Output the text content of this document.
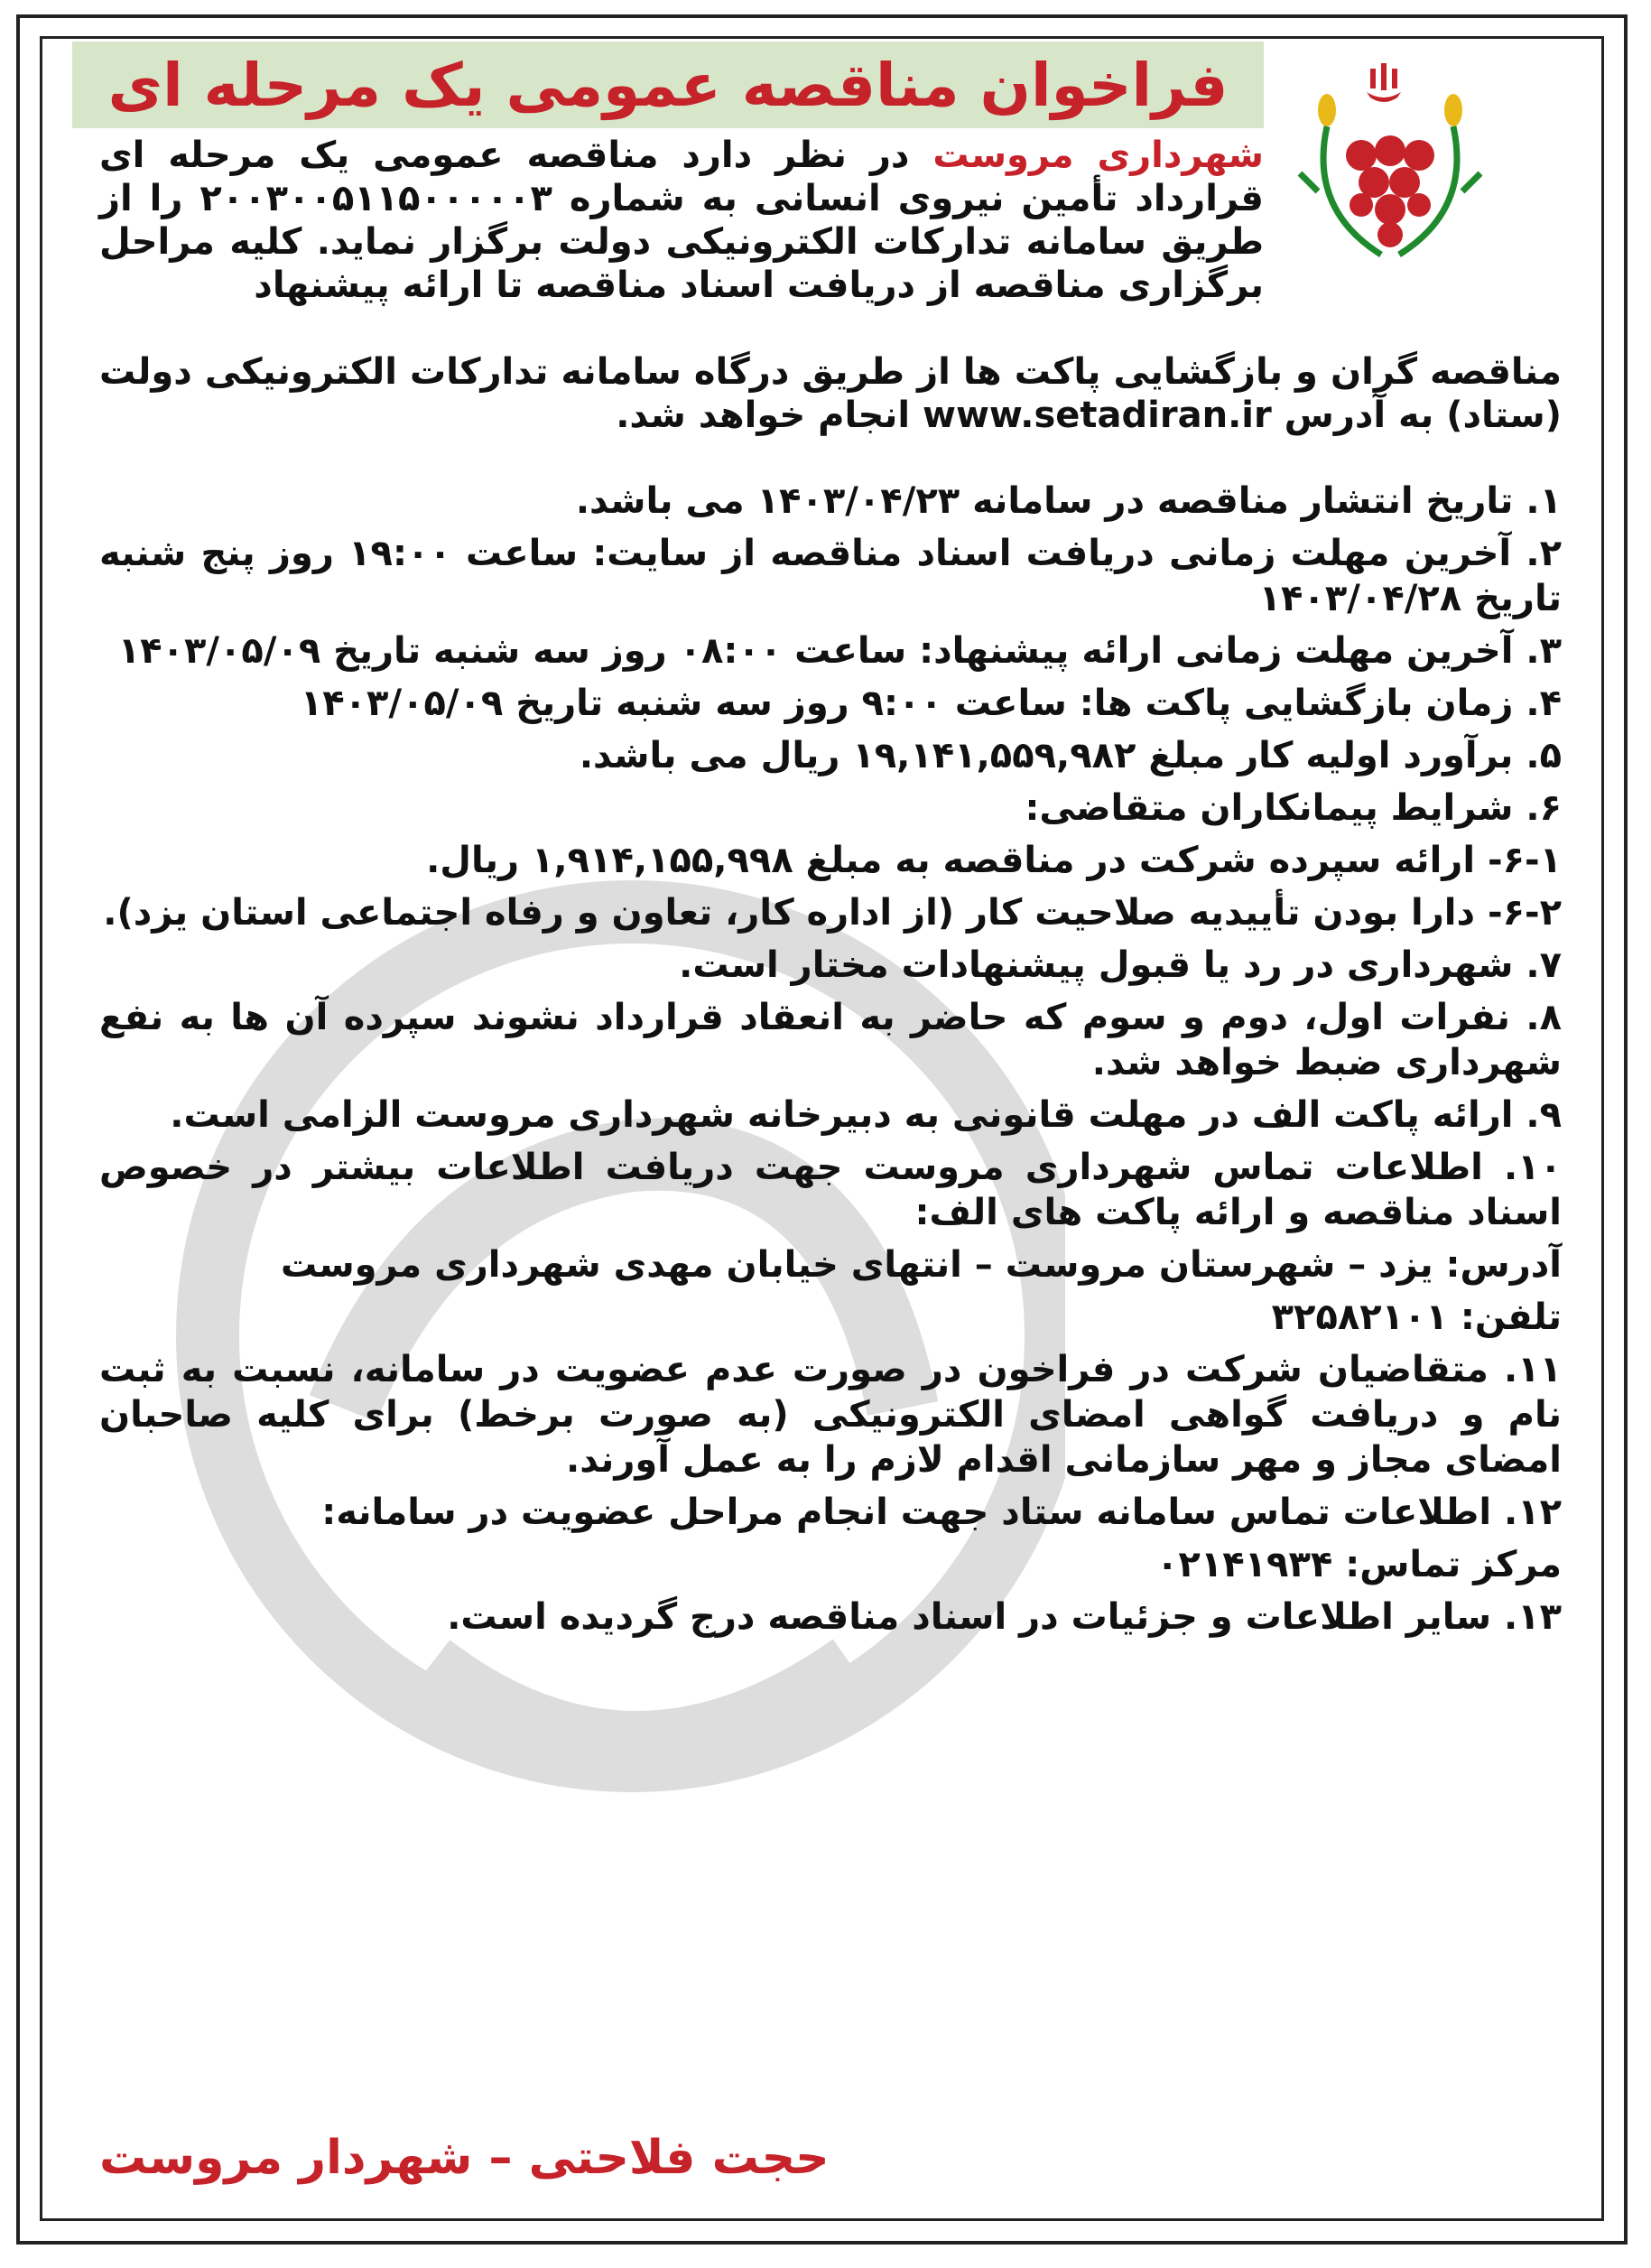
فراخوان مناقصه عمومی یک مرحله ای
شهرداری مروست در نظر دارد مناقصه عمومی یک مرحله ای قرارداد تأمین نیروی انسانی به شماره ۲۰۰۳۰۰۵۱۱۵۰۰۰۰۰۳ را از طریق سامانه تدارکات الکترونیکی دولت برگزار نماید. کلیه مراحل برگزاری مناقصه از دریافت اسناد مناقصه تا ارائه پیشنهاد
مناقصه گران و بازگشایی پاکت ها از طریق درگاه سامانه تدارکات الکترونیکی دولت (ستاد) به آدرس www.setadiran.ir انجام خواهد شد.
۱. تاریخ انتشار مناقصه در سامانه ۱۴۰۳/۰۴/۲۳ می باشد.
۲. آخرین مهلت زمانی دریافت اسناد مناقصه از سایت: ساعت ۱۹:۰۰ روز پنج شنبه تاریخ ۱۴۰۳/۰۴/۲۸
۳. آخرین مهلت زمانی ارائه پیشنهاد: ساعت ۰۸:۰۰ روز سه شنبه تاریخ ۱۴۰۳/۰۵/۰۹
۴. زمان بازگشایی پاکت ها: ساعت ۹:۰۰ روز سه شنبه تاریخ ۱۴۰۳/۰۵/۰۹
۵. برآورد اولیه کار مبلغ ۱۹,۱۴۱,۵۵۹,۹۸۲ ریال می باشد.
۶. شرایط پیمانکاران متقاضی:
۶-۱- ارائه سپرده شرکت در مناقصه به مبلغ ۱,۹۱۴,۱۵۵,۹۹۸ ریال.
۶-۲- دارا بودن تأییدیه صلاحیت کار (از اداره کار، تعاون و رفاه اجتماعی استان یزد).
۷. شهرداری در رد یا قبول پیشنهادات مختار است.
۸. نفرات اول، دوم و سوم که حاضر به انعقاد قرارداد نشوند سپرده آن ها به نفع شهرداری ضبط خواهد شد.
۹. ارائه پاکت الف در مهلت قانونی به دبیرخانه شهرداری مروست الزامی است.
۱۰. اطلاعات تماس شهرداری مروست جهت دریافت اطلاعات بیشتر در خصوص اسناد مناقصه و ارائه پاکت های الف:
آدرس: یزد – شهرستان مروست – انتهای خیابان مهدی شهرداری مروست
تلفن: ۳۲۵۸۲۱۰۱
۱۱. متقاضیان شرکت در فراخون در صورت عدم عضویت در سامانه، نسبت به ثبت نام و دریافت گواهی امضای الکترونیکی (به صورت برخط) برای کلیه صاحبان امضای مجاز و مهر سازمانی اقدام لازم را به عمل آورند.
۱۲. اطلاعات تماس سامانه ستاد جهت انجام مراحل عضویت در سامانه:
مرکز تماس: ۰۲۱۴۱۹۳۴
۱۳. سایر اطلاعات و جزئیات در اسناد مناقصه درج گردیده است.
حجت فلاحتی – شهردار مروست
